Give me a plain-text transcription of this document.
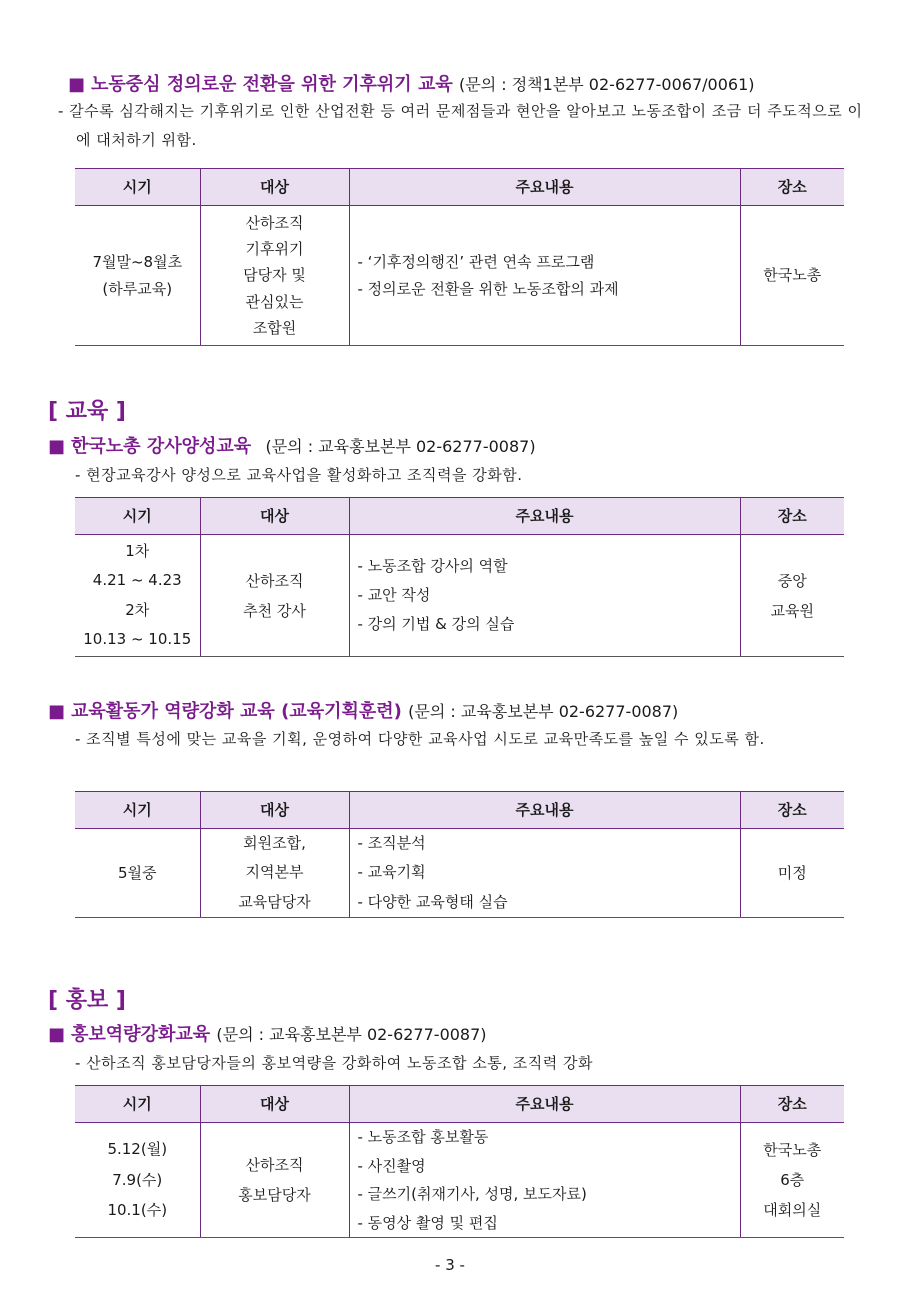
■ 노동중심 정의로운 전환을 위한 기후위기 교육 (문의 : 정책1본부 02-6277-0067/0061)
- 갈수록 심각해지는 기후위기로 인한 산업전환 등 여러 문제점들과 현안을 알아보고 노동조합이 조금 더 주도적으로 이에 대처하기 위함.
시기	대상	주요내용	장소

7월말~8월초
(하루교육)	산하조직
기후위기
담당자 및
관심있는
조합원	- ‘기후정의행진’ 관련 연속 프로그램
- 정의로운 전환을 위한 노동조합의 과제	한국노총
[ 교육 ]
■ 한국노총 강사양성교육 (문의 : 교육홍보본부 02-6277-0087)
- 현장교육강사 양성으로 교육사업을 활성화하고 조직력을 강화함.
시기	대상	주요내용	장소

1차
4.21 ~ 4.23
2차
10.13 ~ 10.15	산하조직
추천 강사	- 노동조합 강사의 역할
- 교안 작성
- 강의 기법 & 강의 실습	중앙
교육원
■ 교육활동가 역량강화 교육 (교육기획훈련) (문의 : 교육홍보본부 02-6277-0087)
- 조직별 특성에 맞는 교육을 기획, 운영하여 다양한 교육사업 시도로 교육만족도를 높일 수 있도록 함.
시기	대상	주요내용	장소

5월중	회원조합,
지역본부
교육담당자	- 조직분석
- 교육기획
- 다양한 교육형태 실습	미정
[ 홍보 ]
■ 홍보역량강화교육 (문의 : 교육홍보본부 02-6277-0087)
- 산하조직 홍보담당자들의 홍보역량을 강화하여 노동조합 소통, 조직력 강화
시기	대상	주요내용	장소

5.12(월)
7.9(수)
10.1(수)	산하조직
홍보담당자	- 노동조합 홍보활동
- 사진촬영
- 글쓰기(취재기사, 성명, 보도자료)
- 동영상 촬영 및 편집	한국노총
6층
대회의실
- 3 -
